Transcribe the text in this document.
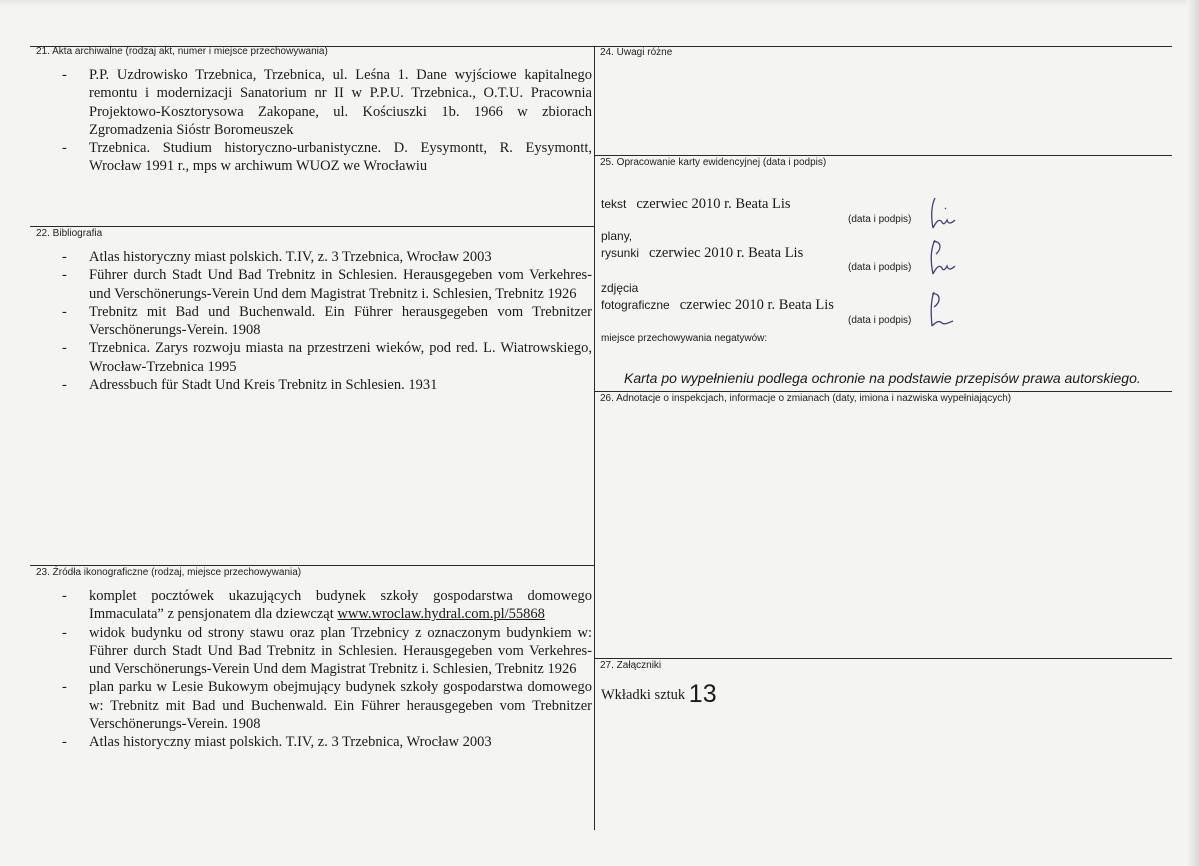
21. Akta archiwalne (rodzaj akt, numer i miejsce przechowywania)
- P.P. Uzdrowisko Trzebnica, Trzebnica, ul. Leśna 1. Dane wyjściowe kapitalnego remontu i modernizacji Sanatorium nr II w P.P.U. Trzebnica., O.T.U. Pracownia Projektowo-Kosztorysowa Zakopane, ul. Kościuszki 1b. 1966 w zbiorach Zgromadzenia Sióstr Boromeuszek
- Trzebnica. Studium historyczno-urbanistyczne. D. Eysymontt, R. Eysymontt, Wrocław 1991 r., mps w archiwum WUOZ we Wrocławiu
22. Bibliografia
- Atlas historyczny miast polskich. T.IV, z. 3 Trzebnica, Wrocław 2003
- Führer durch Stadt Und Bad Trebnitz in Schlesien. Herausgegeben vom Verkehres-und Verschönerungs-Verein Und dem Magistrat Trebnitz i. Schlesien, Trebnitz 1926
- Trebnitz mit Bad und Buchenwald. Ein Führer herausgegeben vom Trebnitzer Verschönerungs-Verein. 1908
- Trzebnica. Zarys rozwoju miasta na przestrzeni wieków, pod red. L. Wiatrowskiego, Wrocław-Trzebnica 1995
- Adressbuch für Stadt Und Kreis Trebnitz in Schlesien. 1931
23. Źródła ikonograficzne (rodzaj, miejsce przechowywania)
- komplet pocztówek ukazujących budynek szkoły gospodarstwa domowego Immaculata” z pensjonatem dla dziewcząt www.wroclaw.hydral.com.pl/55868
- widok budynku od strony stawu oraz plan Trzebnicy z oznaczonym budynkiem w: Führer durch Stadt Und Bad Trebnitz in Schlesien. Herausgegeben vom Verkehres-und Verschönerungs-Verein Und dem Magistrat Trebnitz i. Schlesien, Trebnitz 1926
- plan parku w Lesie Bukowym obejmujący budynek szkoły gospodarstwa domowego w: Trebnitz mit Bad und Buchenwald. Ein Führer herausgegeben vom Trebnitzer Verschönerungs-Verein. 1908
- Atlas historyczny miast polskich. T.IV, z. 3 Trzebnica, Wrocław 2003
24. Uwagi różne
25. Opracowanie karty ewidencyjnej (data i podpis)
tekst czerwiec 2010 r. Beata Lis
(data i podpis)
plany,
rysunki czerwiec 2010 r. Beata Lis
(data i podpis)
zdjęcia
fotograficzne czerwiec 2010 r. Beata Lis
(data i podpis)
miejsce przechowywania negatywów:
Karta po wypełnieniu podlega ochronie na podstawie przepisów prawa autorskiego.
26. Adnotacje o inspekcjach, informacje o zmianach (daty, imiona i nazwiska wypełniających)
27. Załączniki
Wkładki sztuk 13
